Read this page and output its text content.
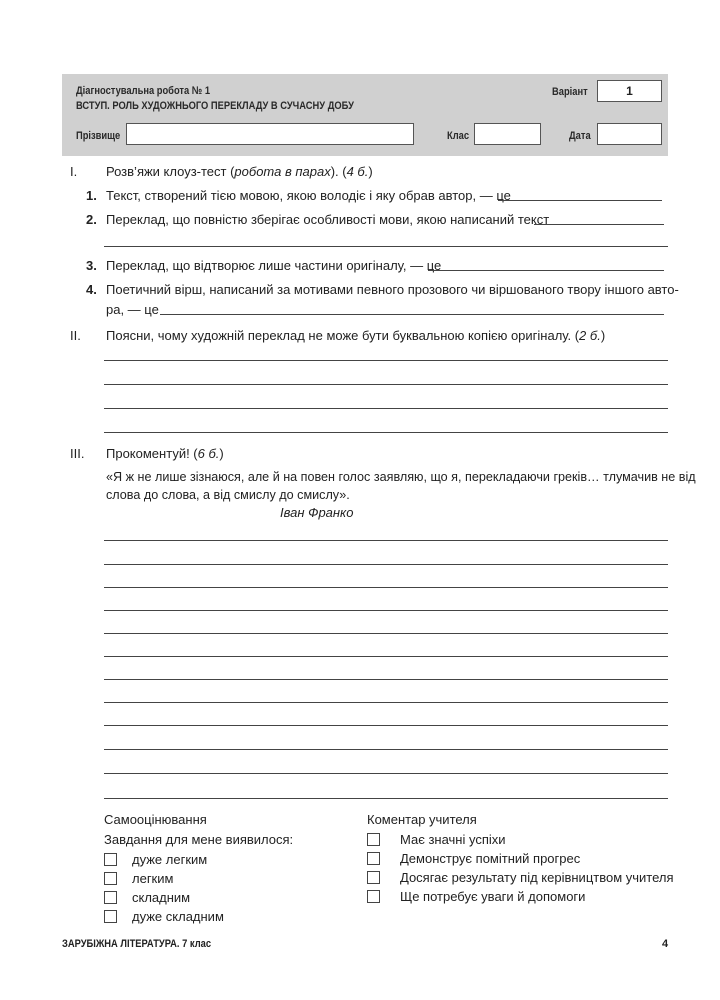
Діагностувальна робота № 1
ВСТУП. РОЛЬ ХУДОЖНЬОГО ПЕРЕКЛАДУ В СУЧАСНУ ДОБУ
Варіант	1
Прізвище	Клас	Дата
I. Розв’яжи клоуз-тест (робота в парах). (4 б.)
1. Текст, створений тією мовою, якою володіє і яку обрав автор, — це
2. Переклад, що повністю зберігає особливості мови, якою написаний текст
3. Переклад, що відтворює лише частини оригіналу, — це
4. Поетичний вірш, написаний за мотивами певного прозового чи віршованого твору іншого авто-
ра, — це
II. Поясни, чому художній переклад не може бути буквальною копією оригіналу. (2 б.)
III. Прокоментуй! (6 б.)
«Я ж не лише зізнаюся, але й на повен голос заявляю, що я, перекладаючи греків… тлумачив не від
слова до слова, а від смислу до смислу».
Іван Франко
Самооцінювання
Завдання для мене виявилося:
дуже легким
легким
складним
дуже складним
Коментар учителя
Має значні успіхи
Демонструє помітний прогрес
Досягає результату під керівництвом учителя
Ще потребує уваги й допомоги
ЗАРУБІЖНА ЛІТЕРАТУРА. 7 клас	4
